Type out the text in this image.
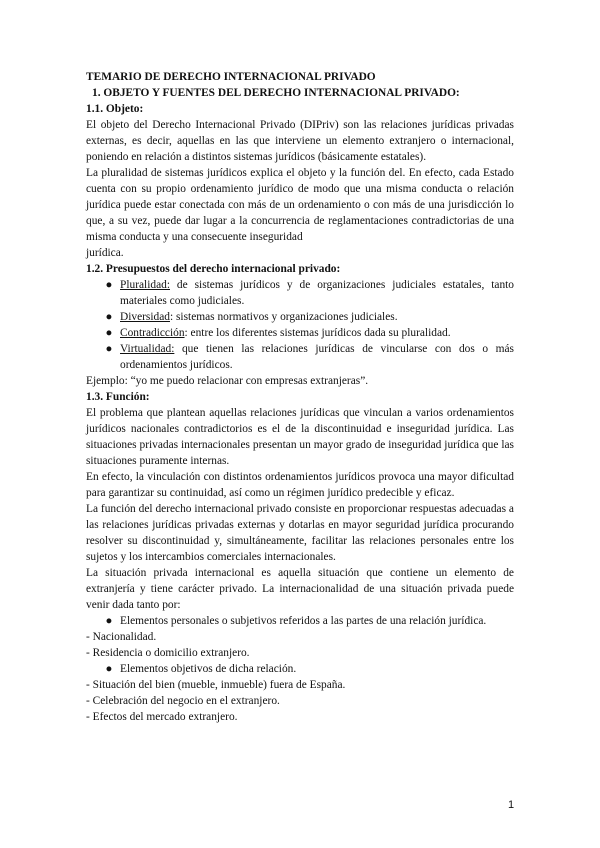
TEMARIO DE DERECHO INTERNACIONAL PRIVADO

1. OBJETO Y FUENTES DEL DERECHO INTERNACIONAL PRIVADO:

1.1. Objeto:

El objeto del Derecho Internacional Privado (DIPriv) son las relaciones jurídicas privadas externas, es decir, aquellas en las que interviene un elemento extranjero o internacional, poniendo en relación a distintos sistemas jurídicos (básicamente estatales).

La pluralidad de sistemas jurídicos explica el objeto y la función del. En efecto, cada Estado cuenta con su propio ordenamiento jurídico de modo que una misma conducta o relación jurídica puede estar conectada con más de un ordenamiento o con más de una jurisdicción lo que, a su vez, puede dar lugar a la concurrencia de reglamentaciones contradictorias de una misma conducta y una consecuente inseguridad

jurídica.

1.2. Presupuestos del derecho internacional privado:

● Pluralidad: de sistemas jurídicos y de organizaciones judiciales estatales, tanto materiales como judiciales.
● Diversidad: sistemas normativos y organizaciones judiciales.
● Contradicción: entre los diferentes sistemas jurídicos dada su pluralidad.
● Virtualidad: que tienen las relaciones jurídicas de vincularse con dos o más ordenamientos jurídicos.

Ejemplo: “yo me puedo relacionar con empresas extranjeras”.

1.3. Función:

El problema que plantean aquellas relaciones jurídicas que vinculan a varios ordenamientos jurídicos nacionales contradictorios es el de la discontinuidad e inseguridad jurídica. Las situaciones privadas internacionales presentan un mayor grado de inseguridad jurídica que las situaciones puramente internas.

En efecto, la vinculación con distintos ordenamientos jurídicos provoca una mayor dificultad para garantizar su continuidad, así como un régimen jurídico predecible y eficaz.

La función del derecho internacional privado consiste en proporcionar respuestas adecuadas a las relaciones jurídicas privadas externas y dotarlas en mayor seguridad jurídica procurando resolver su discontinuidad y, simultáneamente, facilitar las relaciones personales entre los sujetos y los intercambios comerciales internacionales.

La situación privada internacional es aquella situación que contiene un elemento de extranjería y tiene carácter privado. La internacionalidad de una situación privada puede venir dada tanto por:

● Elementos personales o subjetivos referidos a las partes de una relación jurídica.

- Nacionalidad.

- Residencia o domicilio extranjero.

● Elementos objetivos de dicha relación.

- Situación del bien (mueble, inmueble) fuera de España.

- Celebración del negocio en el extranjero.

- Efectos del mercado extranjero.

1
